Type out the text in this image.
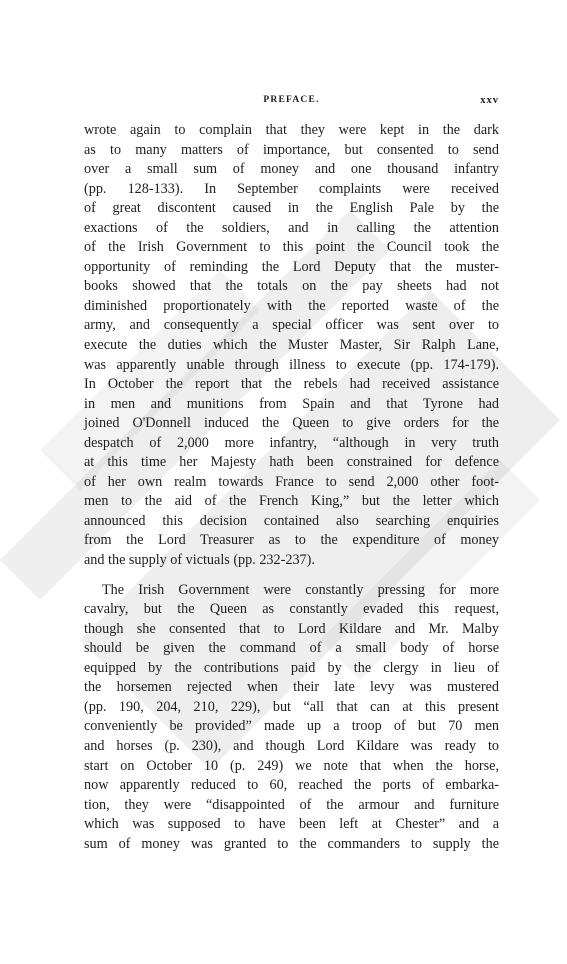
PREFACE.	xxv

wrote again to complain that they were kept in the dark
as to many matters of importance, but consented to send
over a small sum of money and one thousand infantry
(pp. 128-133). In September complaints were received
of great discontent caused in the English Pale by the
exactions of the soldiers, and in calling the attention
of the Irish Government to this point the Council took the
opportunity of reminding the Lord Deputy that the muster-
books showed that the totals on the pay sheets had not
diminished proportionately with the reported waste of the
army, and consequently a special officer was sent over to
execute the duties which the Muster Master, Sir Ralph Lane,
was apparently unable through illness to execute (pp. 174-179).
In October the report that the rebels had received assistance
in men and munitions from Spain and that Tyrone had
joined O'Donnell induced the Queen to give orders for the
despatch of 2,000 more infantry, “although in very truth
at this time her Majesty hath been constrained for defence
of her own realm towards France to send 2,000 other foot-
men to the aid of the French King,” but the letter which
announced this decision contained also searching enquiries
from the Lord Treasurer as to the expenditure of money
and the supply of victuals (pp. 232-237).

The Irish Government were constantly pressing for more
cavalry, but the Queen as constantly evaded this request,
though she consented that to Lord Kildare and Mr. Malby
should be given the command of a small body of horse
equipped by the contributions paid by the clergy in lieu of
the horsemen rejected when their late levy was mustered
(pp. 190, 204, 210, 229), but “all that can at this present
conveniently be provided” made up a troop of but 70 men
and horses (p. 230), and though Lord Kildare was ready to
start on October 10 (p. 249) we note that when the horse,
now apparently reduced to 60, reached the ports of embarka-
tion, they were “disappointed of the armour and furniture
which was supposed to have been left at Chester” and a
sum of money was granted to the commanders to supply the
